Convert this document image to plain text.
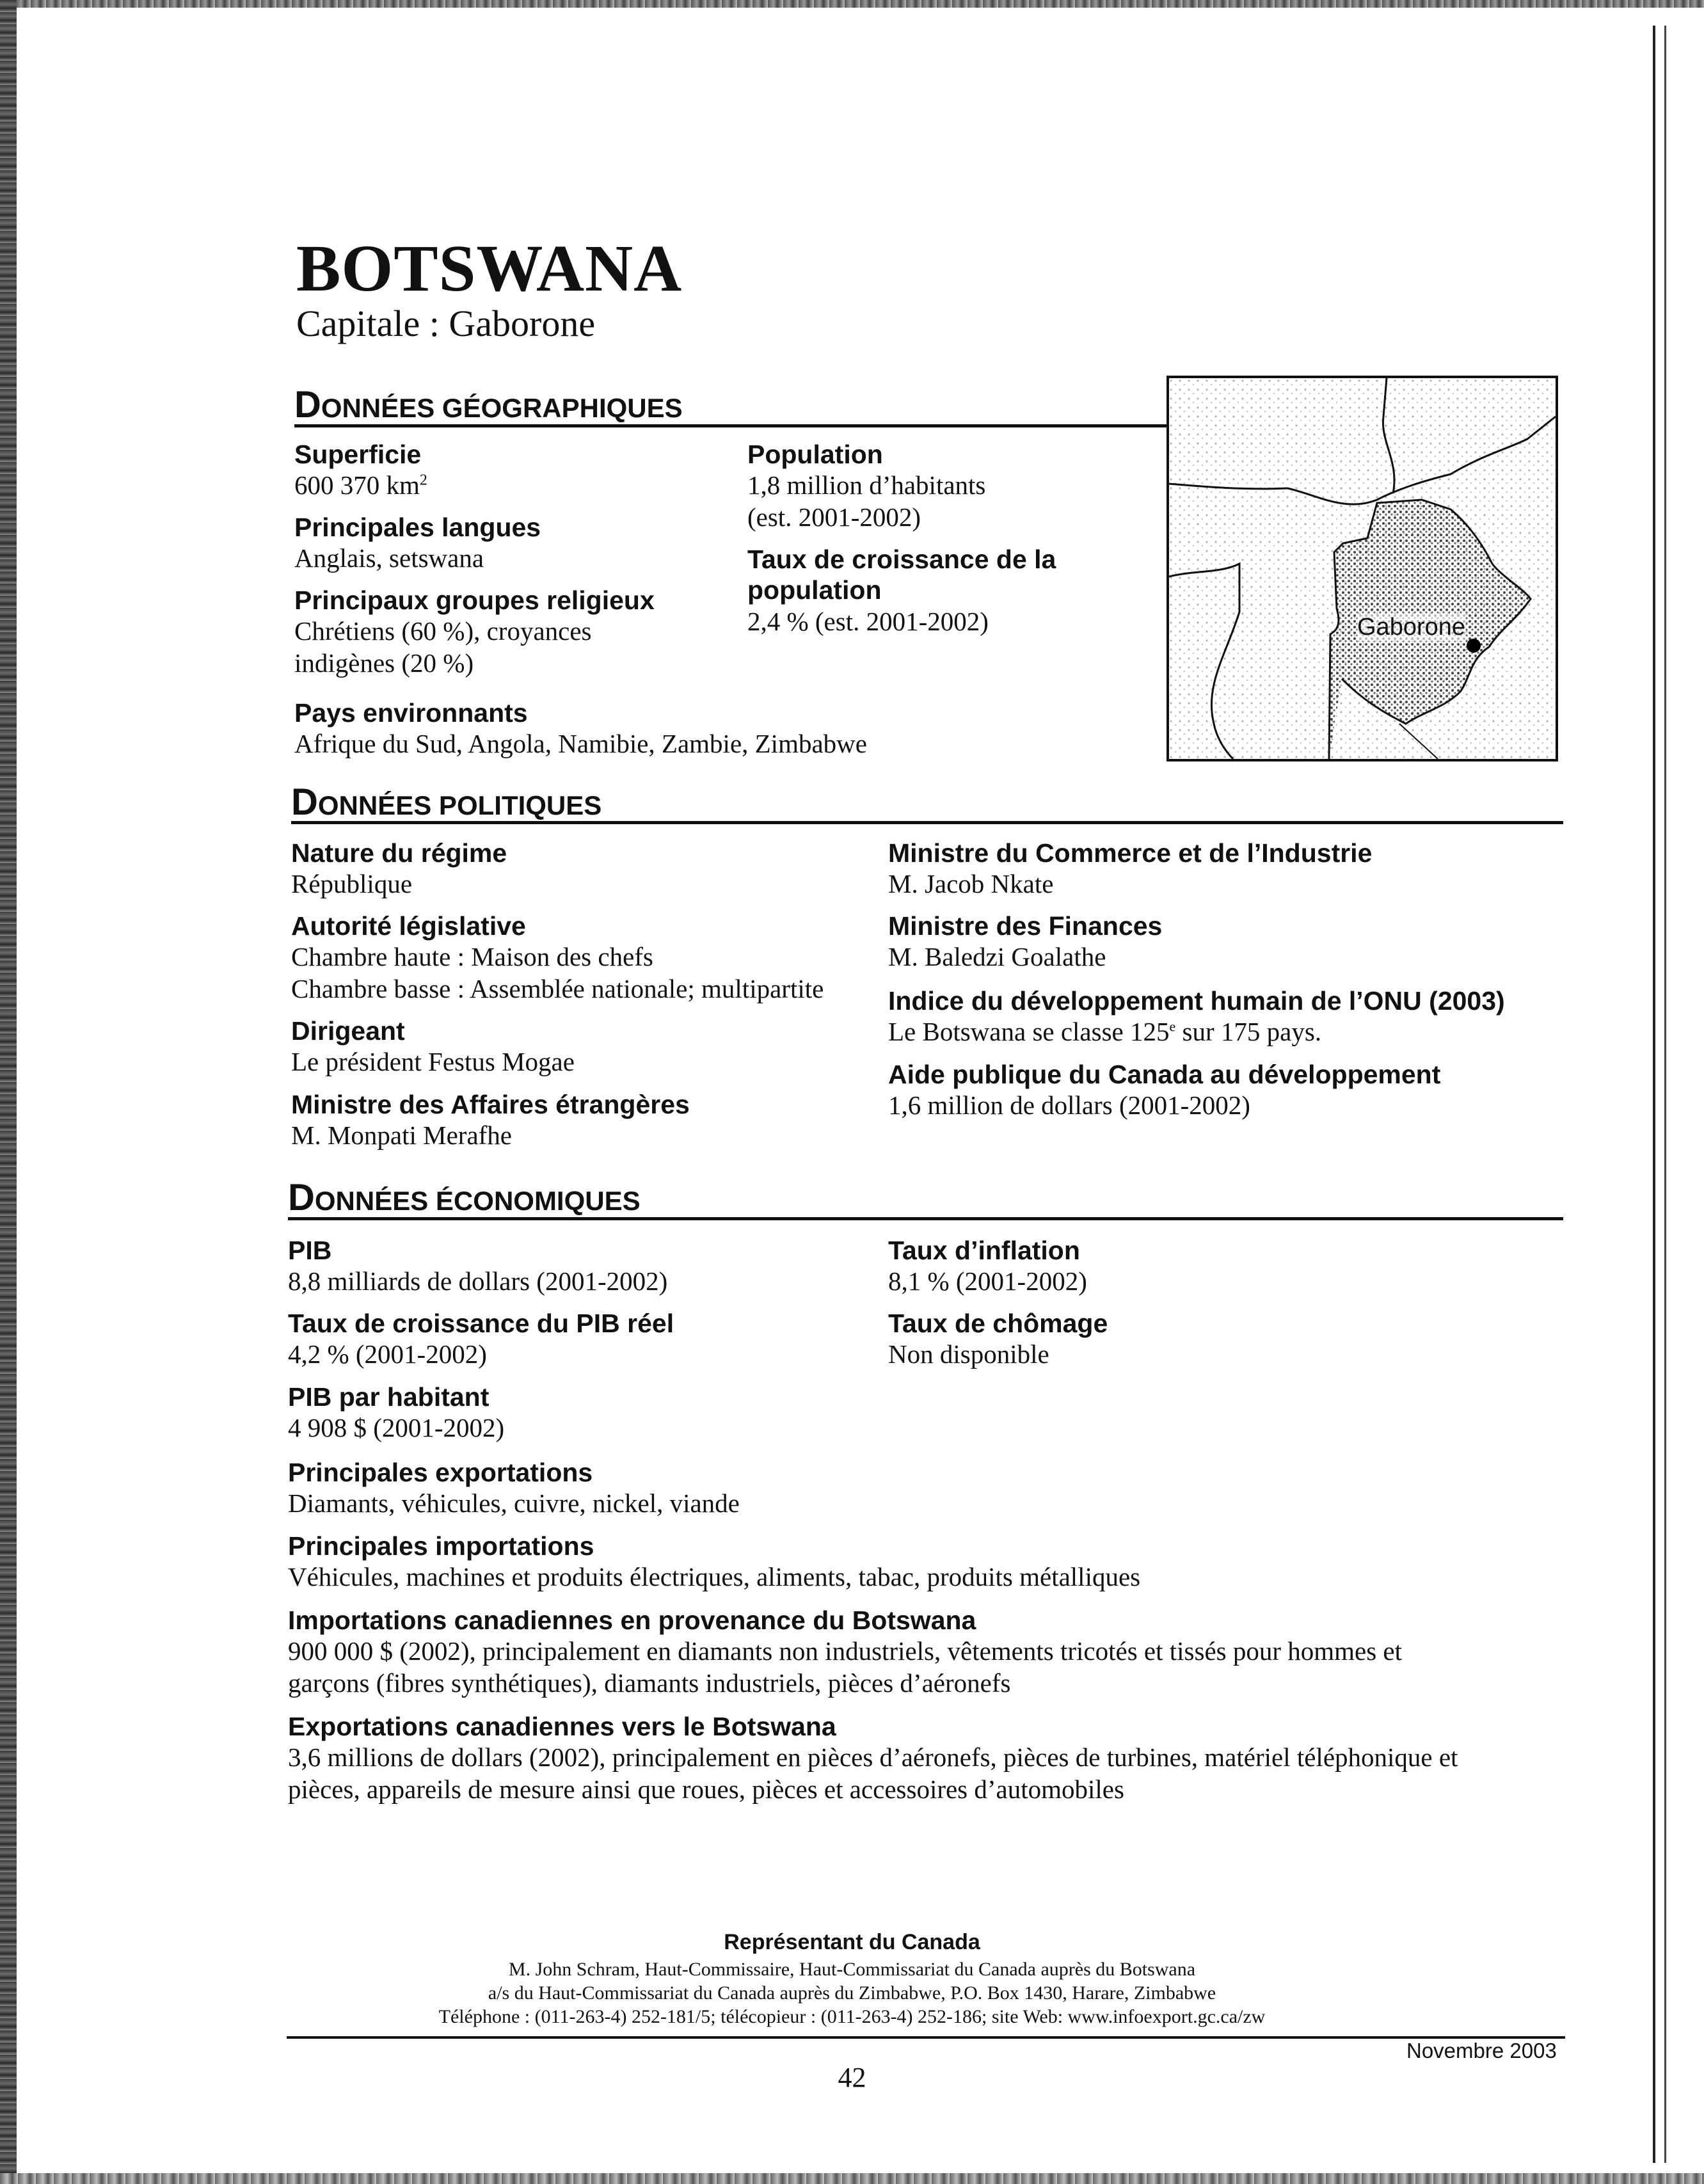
BOTSWANA
Capitale : Gaborone
DONNÉES GÉOGRAPHIQUES
Superficie
600 370 $km^2$
Principales langues
Anglais, setswana
Principaux groupes religieux
Chrétiens (60 %), croyances
indigènes (20 %)
Pays environnants
Afrique du Sud, Angola, Namibie, Zambie, Zimbabwe
Population
1,8 million d’habitants
(est. 2001-2002)
Taux de croissance de la
population
2,4 % (est. 2001-2002)	Gaborone
DONNÉES POLITIQUES
Nature du régime
République
Autorité législative
Chambre haute : Maison des chefs
Chambre basse : Assemblée nationale; multipartite
Dirigeant
Le président Festus Mogae
Ministre des Affaires étrangères
M. Monpati Merafhe
Ministre du Commerce et de l’Industrie
M. Jacob Nkate
Ministre des Finances
M. Baledzi Goalathe
Indice du développement humain de l’ONU (2003)
Le Botswana se classe 125e sur 175 pays.
Aide publique du Canada au développement
1,6 million de dollars (2001-2002)
DONNÉES ÉCONOMIQUES
PIB
8,8 milliards de dollars (2001-2002)
Taux de croissance du PIB réel
4,2 % (2001-2002)
PIB par habitant
4 908 $ (2001-2002)
Taux d’inflation
8,1 % (2001-2002)
Taux de chômage
Non disponible
Principales exportations
Diamants, véhicules, cuivre, nickel, viande
Principales importations
Véhicules, machines et produits électriques, aliments, tabac, produits métalliques
Importations canadiennes en provenance du Botswana
900 000 $ (2002), principalement en diamants non industriels, vêtements tricotés et tissés pour hommes et
garçons (fibres synthétiques), diamants industriels, pièces d’aéronefs
Exportations canadiennes vers le Botswana
3,6 millions de dollars (2002), principalement en pièces d’aéronefs, pièces de turbines, matériel téléphonique et
pièces, appareils de mesure ainsi que roues, pièces et accessoires d’automobiles
Représentant du Canada
M. John Schram, Haut-Commissaire, Haut-Commissariat du Canada auprès du Botswana
a/s du Haut-Commissariat du Canada auprès du Zimbabwe, P.O. Box 1430, Harare, Zimbabwe
Téléphone : (011-263-4) 252-181/5; télécopieur : (011-263-4) 252-186; site Web: www.infoexport.gc.ca/zw
Novembre 2003
42
